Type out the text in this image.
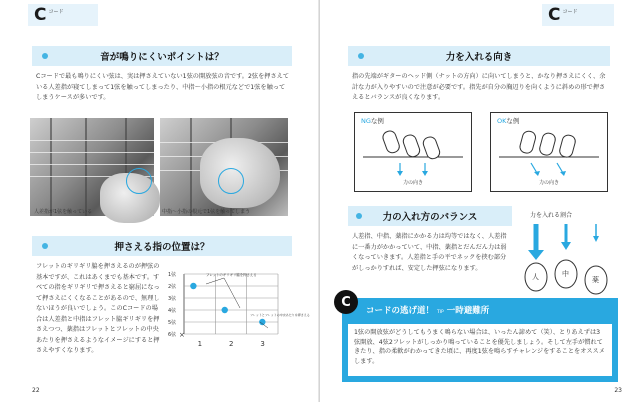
C コード
音が鳴りにくいポイントは？
Cコードで最も鳴りにくい弦は、実は押さえていない1弦の開放弦の音です。2弦を押さえている人差指が寝てしまって1弦を触ってしまったり、中指〜小指の根元などで1弦を触ってしまうケースが多いです。
人差指が1弦を触っている	中指〜小指の根元で1弦を触ってしまう
押さえる指の位置は？
フレットのギリギリ脇を押さえるのが押弦の基本ですが、これはあくまでも基本です。すべての指をギリギリで押さえると窮屈になって押さえにくくなることがあるので、無理しないほうが良いでしょう。このCコードの場合は人差指と中指はフレット脇ギリギリを押さえつつ、薬指はフレットとフレットの中央あたりを押さえるようなイメージにすると押さえやすくなります。
1弦
2弦
3弦
4弦
5弦
6弦
1	2	3
×
フレットのギリギリ脇を押さえる
フレットとフレットの中央あたりを押さえる
22
C コード
力を入れる向き
指の先端がギターのヘッド側（ナットの方向）に向いてしまうと、かなり押さえにくく、余計な力が入りやすいので注意が必要です。指先が自分の胸辺りを向くように斜めの形で押さえるとバランスが良くなります。
NGな例
力の向き
OKな例
力の向き
力の入れ方のバランス
人差指、中指、薬指にかかる力は均等ではなく、人差指に一番力がかかっていて、中指、薬指とだんだん力は弱くなっていきます。人差指と手の平でネックを挟む部分がしっかりすれば、安定した押弦になります。
力を入れる割合
人	中
薬
コードの逃げ道！ TIP 一時避難所
1弦の開放弦がどうしてもうまく鳴らない場合は、いったん諦めて（笑）、とりあえずは3弦開放、4弦2フレットがしっかり鳴っていることを優先しましょう。そして左手が慣れてきたり、指の柔軟がわかってきた頃に、再度1弦を鳴らすチャレンジをすることをオススメします。
C
23
